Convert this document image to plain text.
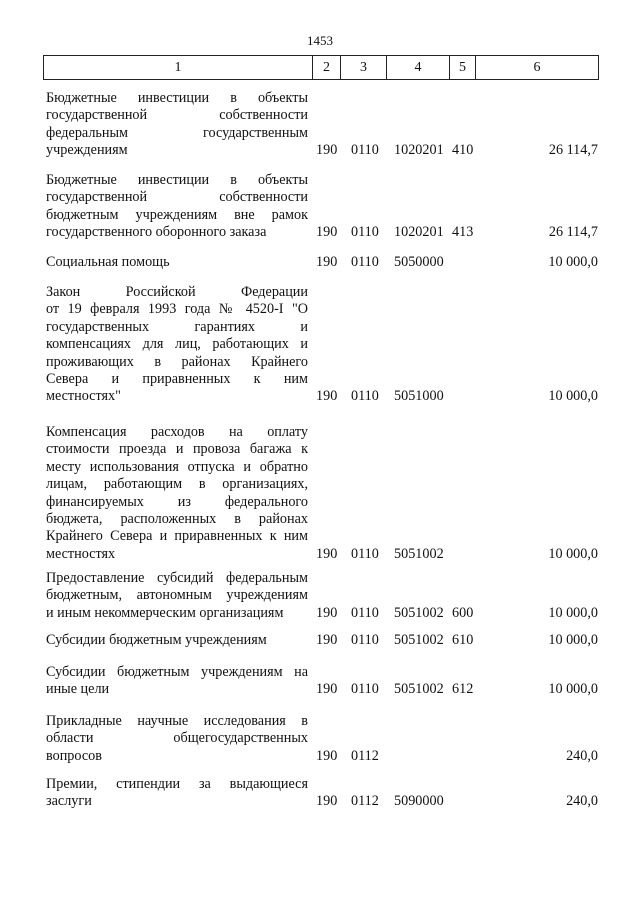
1453
1	2	3	4	5	6
Бюджетные инвестиции в объекты
государственной собственности
федеральным государственным
учреждениям	190 0110 1020201 410	26 114,7
Бюджетные инвестиции в объекты
государственной собственности
бюджетным учреждениям вне рамок
государственного оборонного заказа	190 0110 1020201 413	26 114,7
Социальная помощь	190 0110 5050000	10 000,0
Закон Российской Федерации
от 19 февраля 1993 года № 4520-I "О
государственных гарантиях и
компенсациях для лиц, работающих и
проживающих в районах Крайнего
Севера и приравненных к ним
местностях"	190 0110 5051000	10 000,0
Компенсация расходов на оплату
стоимости проезда и провоза багажа к
месту использования отпуска и обратно
лицам, работающим в организациях,
финансируемых из федерального
бюджета, расположенных в районах
Крайнего Севера и приравненных к ним
местностях	190 0110 5051002	10 000,0
Предоставление субсидий федеральным
бюджетным, автономным учреждениям
и иным некоммерческим организациям	190 0110 5051002 600	10 000,0
Субсидии бюджетным учреждениям	190 0110 5051002 610	10 000,0
Субсидии бюджетным учреждениям на
иные цели	190 0110 5051002 612	10 000,0
Прикладные научные исследования в
области общегосударственных
вопросов	190 0112	240,0
Премии, стипендии за выдающиеся
заслуги	190 0112 5090000	240,0
